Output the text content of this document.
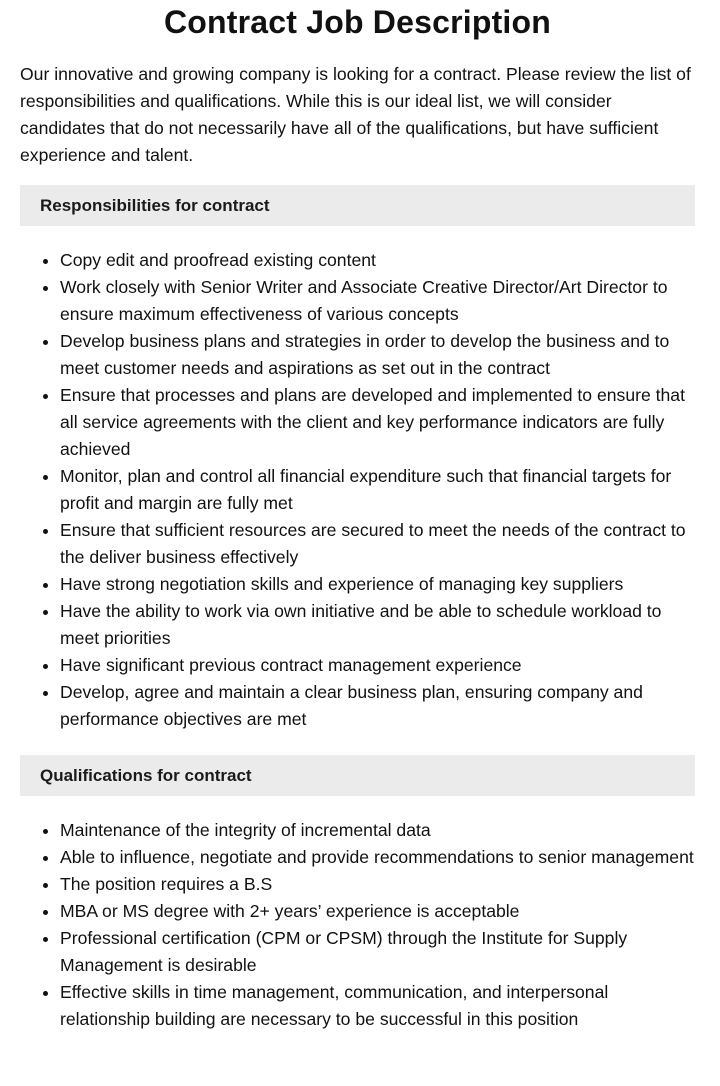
Contract Job Description

Our innovative and growing company is looking for a contract. Please review the list of responsibilities and qualifications. While this is our ideal list, we will consider candidates that do not necessarily have all of the qualifications, but have sufficient experience and talent.

Responsibilities for contract
• Copy edit and proofread existing content
• Work closely with Senior Writer and Associate Creative Director/Art Director to ensure maximum effectiveness of various concepts
• Develop business plans and strategies in order to develop the business and to meet customer needs and aspirations as set out in the contract
• Ensure that processes and plans are developed and implemented to ensure that all service agreements with the client and key performance indicators are fully achieved
• Monitor, plan and control all financial expenditure such that financial targets for profit and margin are fully met
• Ensure that sufficient resources are secured to meet the needs of the contract to the deliver business effectively
• Have strong negotiation skills and experience of managing key suppliers
• Have the ability to work via own initiative and be able to schedule workload to meet priorities
• Have significant previous contract management experience
• Develop, agree and maintain a clear business plan, ensuring company and performance objectives are met
Qualifications for contract
• Maintenance of the integrity of incremental data
• Able to influence, negotiate and provide recommendations to senior management
• The position requires a B.S
• MBA or MS degree with 2+ years’ experience is acceptable
• Professional certification (CPM or CPSM) through the Institute for Supply Management is desirable
• Effective skills in time management, communication, and interpersonal relationship building are necessary to be successful in this position
